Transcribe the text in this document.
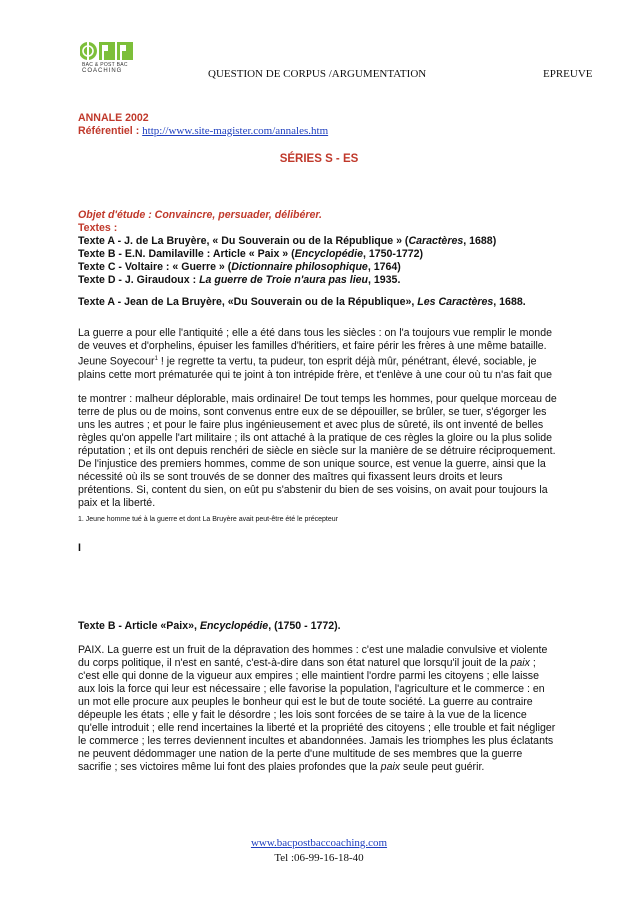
BAC & POST BAC
COACHING	QUESTION DE CORPUS /ARGUMENTATION	EPREUVE
ANNALE 2002
Référentiel : http://www.site-magister.com/annales.htm
SÉRIES S - ES
Objet d'étude : Convaincre, persuader, délibérer.
Textes :
Texte A - J. de La Bruyère, « Du Souverain ou de la République » (Caractères, 1688)
Texte B - E.N. Damilaville : Article « Paix » (Encyclopédie, 1750-1772)
Texte C - Voltaire : « Guerre » (Dictionnaire philosophique, 1764)
Texte D - J. Giraudoux : La guerre de Troie n'aura pas lieu, 1935.
Texte A - Jean de La Bruyère, «Du Souverain ou de la République», Les Caractères, 1688.
La guerre a pour elle l'antiquité ; elle a été dans tous les siècles : on l'a toujours vue remplir le monde
de veuves et d'orphelins, épuiser les familles d'héritiers, et faire périr les frères à une même bataille.
Jeune Soyecour$^1$ ! je regrette ta vertu, ta pudeur, ton esprit déjà mûr, pénétrant, élevé, sociable, je
plains cette mort prématurée qui te joint à ton intrépide frère, et t'enlève à une cour où tu n'as fait que
te montrer : malheur déplorable, mais ordinaire! De tout temps les hommes, pour quelque morceau de
terre de plus ou de moins, sont convenus entre eux de se dépouiller, se brûler, se tuer, s'égorger les
uns les autres ; et pour le faire plus ingénieusement et avec plus de sûreté, ils ont inventé de belles
règles qu'on appelle l'art militaire ; ils ont attaché à la pratique de ces règles la gloire ou la plus solide
réputation ; et ils ont depuis renchéri de siècle en siècle sur la manière de se détruire réciproquement.
De l'injustice des premiers hommes, comme de son unique source, est venue la guerre, ainsi que la
nécessité où ils se sont trouvés de se donner des maîtres qui fixassent leurs droits et leurs
prétentions. Si, content du sien, on eût pu s'abstenir du bien de ses voisins, on avait pour toujours la
paix et la liberté.
1. Jeune homme tué à la guerre et dont La Bruyère avait peut-être été le précepteur
I
Texte B - Article «Paix», Encyclopédie, (1750 - 1772).
PAIX. La guerre est un fruit de la dépravation des hommes : c'est une maladie convulsive et violente
du corps politique, il n'est en santé, c'est-à-dire dans son état naturel que lorsqu'il jouit de la paix ;
c'est elle qui donne de la vigueur aux empires ; elle maintient l'ordre parmi les citoyens ; elle laisse
aux lois la force qui leur est nécessaire ; elle favorise la population, l'agriculture et le commerce : en
un mot elle procure aux peuples le bonheur qui est le but de toute société. La guerre au contraire
dépeuple les états ; elle y fait le désordre ; les lois sont forcées de se taire à la vue de la licence
qu'elle introduit ; elle rend incertaines la liberté et la propriété des citoyens ; elle trouble et fait négliger
le commerce ; les terres deviennent incultes et abandonnées. Jamais les triomphes les plus éclatants
ne peuvent dédommager une nation de la perte d'une multitude de ses membres que la guerre
sacrifie ; ses victoires même lui font des plaies profondes que la paix seule peut guérir.
www.bacpostbaccoaching.com
Tel :06-99-16-18-40
